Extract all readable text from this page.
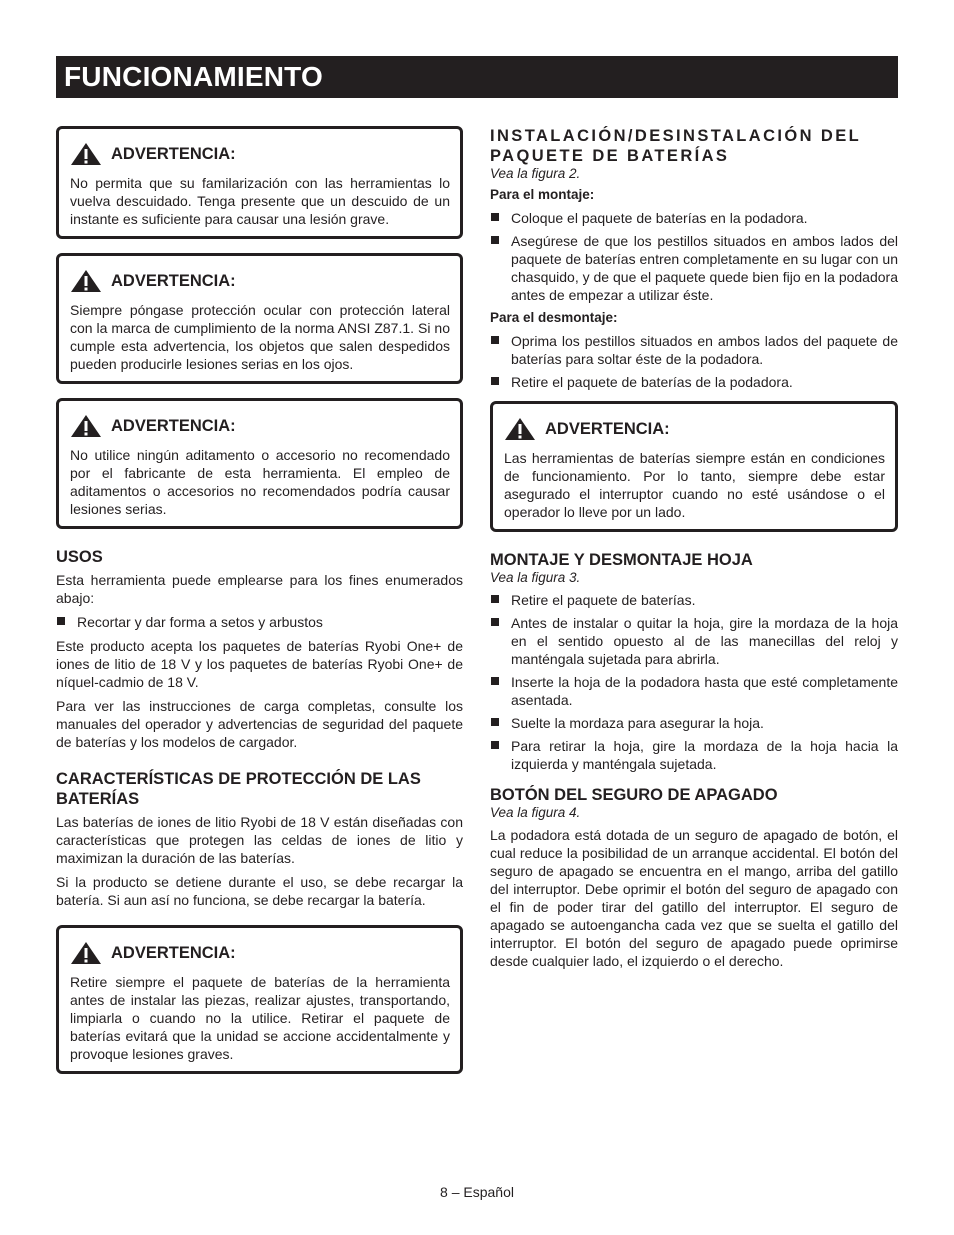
FUNCIONAMIENTO
ADVERTENCIA:
No permita que su familarización con las herramientas lo vuelva descuidado. Tenga presente que un descuido de un instante es suficiente para causar una lesión grave.
ADVERTENCIA:
Siempre póngase protección ocular con protección lateral con la marca de cumplimiento de la norma ANSI Z87.1. Si no cumple esta advertencia, los objetos que salen despedidos pueden producirle lesiones serias en los ojos.
ADVERTENCIA:
No utilice ningún aditamento o accesorio no recomendado por el fabricante de esta herramienta. El empleo de aditamentos o accesorios no recomendados podría causar lesiones serias.
USOS

Esta herramienta puede emplearse para los fines enumerados abajo:

Recortar y dar forma a setos y arbustos

Este producto acepta los paquetes de baterías Ryobi One+ de iones de litio de 18 V y los paquetes de baterías Ryobi One+ de níquel-cadmio de 18 V.

Para ver las instrucciones de carga completas, consulte los manuales del operador y advertencias de seguridad del paquete de baterías y los modelos de cargador.

CARACTERÍSTICAS DE PROTECCIÓN DE LAS BATERÍAS

Las baterías de iones de litio Ryobi de 18 V están diseñadas con características que protegen las celdas de iones de litio y maximizan la duración de las baterías.

Si la producto se detiene durante el uso, se debe recargar la batería. Si aun así no funciona, se debe recargar la batería.

ADVERTENCIA:
Retire siempre el paquete de baterías de la herramienta antes de instalar las piezas, realizar ajustes, transportando, limpiarla o cuando no la utilice. Retirar el paquete de baterías evitará que la unidad se accione accidentalmente y provoque lesiones graves.
INSTALACIÓN/DESINSTALACIÓN DEL PAQUETE DE BATERÍAS
Vea la figura 2.
Para el montaje:
Coloque el paquete de baterías en la podadora.
Asegúrese de que los pestillos situados en ambos lados del paquete de baterías entren completamente en su lugar con un chasquido, y de que el paquete quede bien fijo en la podadora antes de empezar a utilizar éste.
Para el desmontaje:
Oprima los pestillos situados en ambos lados del paquete de baterías para soltar éste de la podadora.
Retire el paquete de baterías de la podadora.
ADVERTENCIA:
Las herramientas de baterías siempre están en condiciones de funcionamiento. Por lo tanto, siempre debe estar asegurado el interruptor cuando no esté usándose o el operador lo lleve por un lado.
MONTAJE Y DESMONTAJE HOJA
Vea la figura 3.
Retire el paquete de baterías.
Antes de instalar o quitar la hoja, gire la mordaza de la hoja en el sentido opuesto al de las manecillas del reloj y manténgala sujetada para abrirla.
Inserte la hoja de la podadora hasta que esté completamente asentada.
Suelte la mordaza para asegurar la hoja.
Para retirar la hoja, gire la mordaza de la hoja hacia la izquierda y manténgala sujetada.
BOTÓN DEL SEGURO DE APAGADO
Vea la figura 4.

La podadora está dotada de un seguro de apagado de botón, el cual reduce la posibilidad de un arranque accidental. El botón del seguro de apagado se encuentra en el mango, arriba del gatillo del interruptor. Debe oprimir el botón del seguro de apagado con el fin de poder tirar del gatillo del interruptor. El seguro de apagado se autoengancha cada vez que se suelta el gatillo del interruptor. El botón del seguro de apagado puede oprimirse desde cualquier lado, el izquierdo o el derecho.

8 – Español
